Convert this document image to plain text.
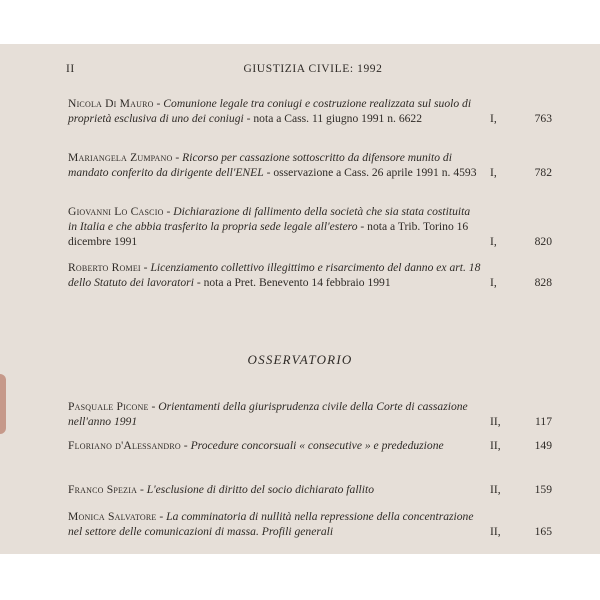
II	GIUSTIZIA CIVILE: 1992
Nicola Di Mauro - Comunione legale tra coniugi e costruzione realizzata sul suolo di proprietà esclusiva di uno dei coniugi - nota a Cass. 11 giugno 1991 n. 6622	I,	763
Mariangela Zumpano - Ricorso per cassazione sottoscritto da difensore munito di mandato conferito da dirigente dell'ENEL - osservazione a Cass. 26 aprile 1991 n. 4593	I,	782
Giovanni Lo Cascio - Dichiarazione di fallimento della società che sia stata costituita in Italia e che abbia trasferito la propria sede legale all'estero - nota a Trib. Torino 16 dicembre 1991	I,	820
Roberto Romei - Licenziamento collettivo illegittimo e risarcimento del danno ex art. 18 dello Statuto dei lavoratori - nota a Pret. Benevento 14 febbraio 1991	I,	828
OSSERVATORIO
Pasquale Picone - Orientamenti della giurisprudenza civile della Corte di cassazione nell'anno 1991	II,	117
Floriano d'Alessandro - Procedure concorsuali « consecutive » e prededuzione	II,	149
Franco Spezia - L'esclusione di diritto del socio dichiarato fallito	II,	159
Monica Salvatore - La comminatoria di nullità nella repressione della concentrazione nel settore delle comunicazioni di massa. Profili generali	II,	165
